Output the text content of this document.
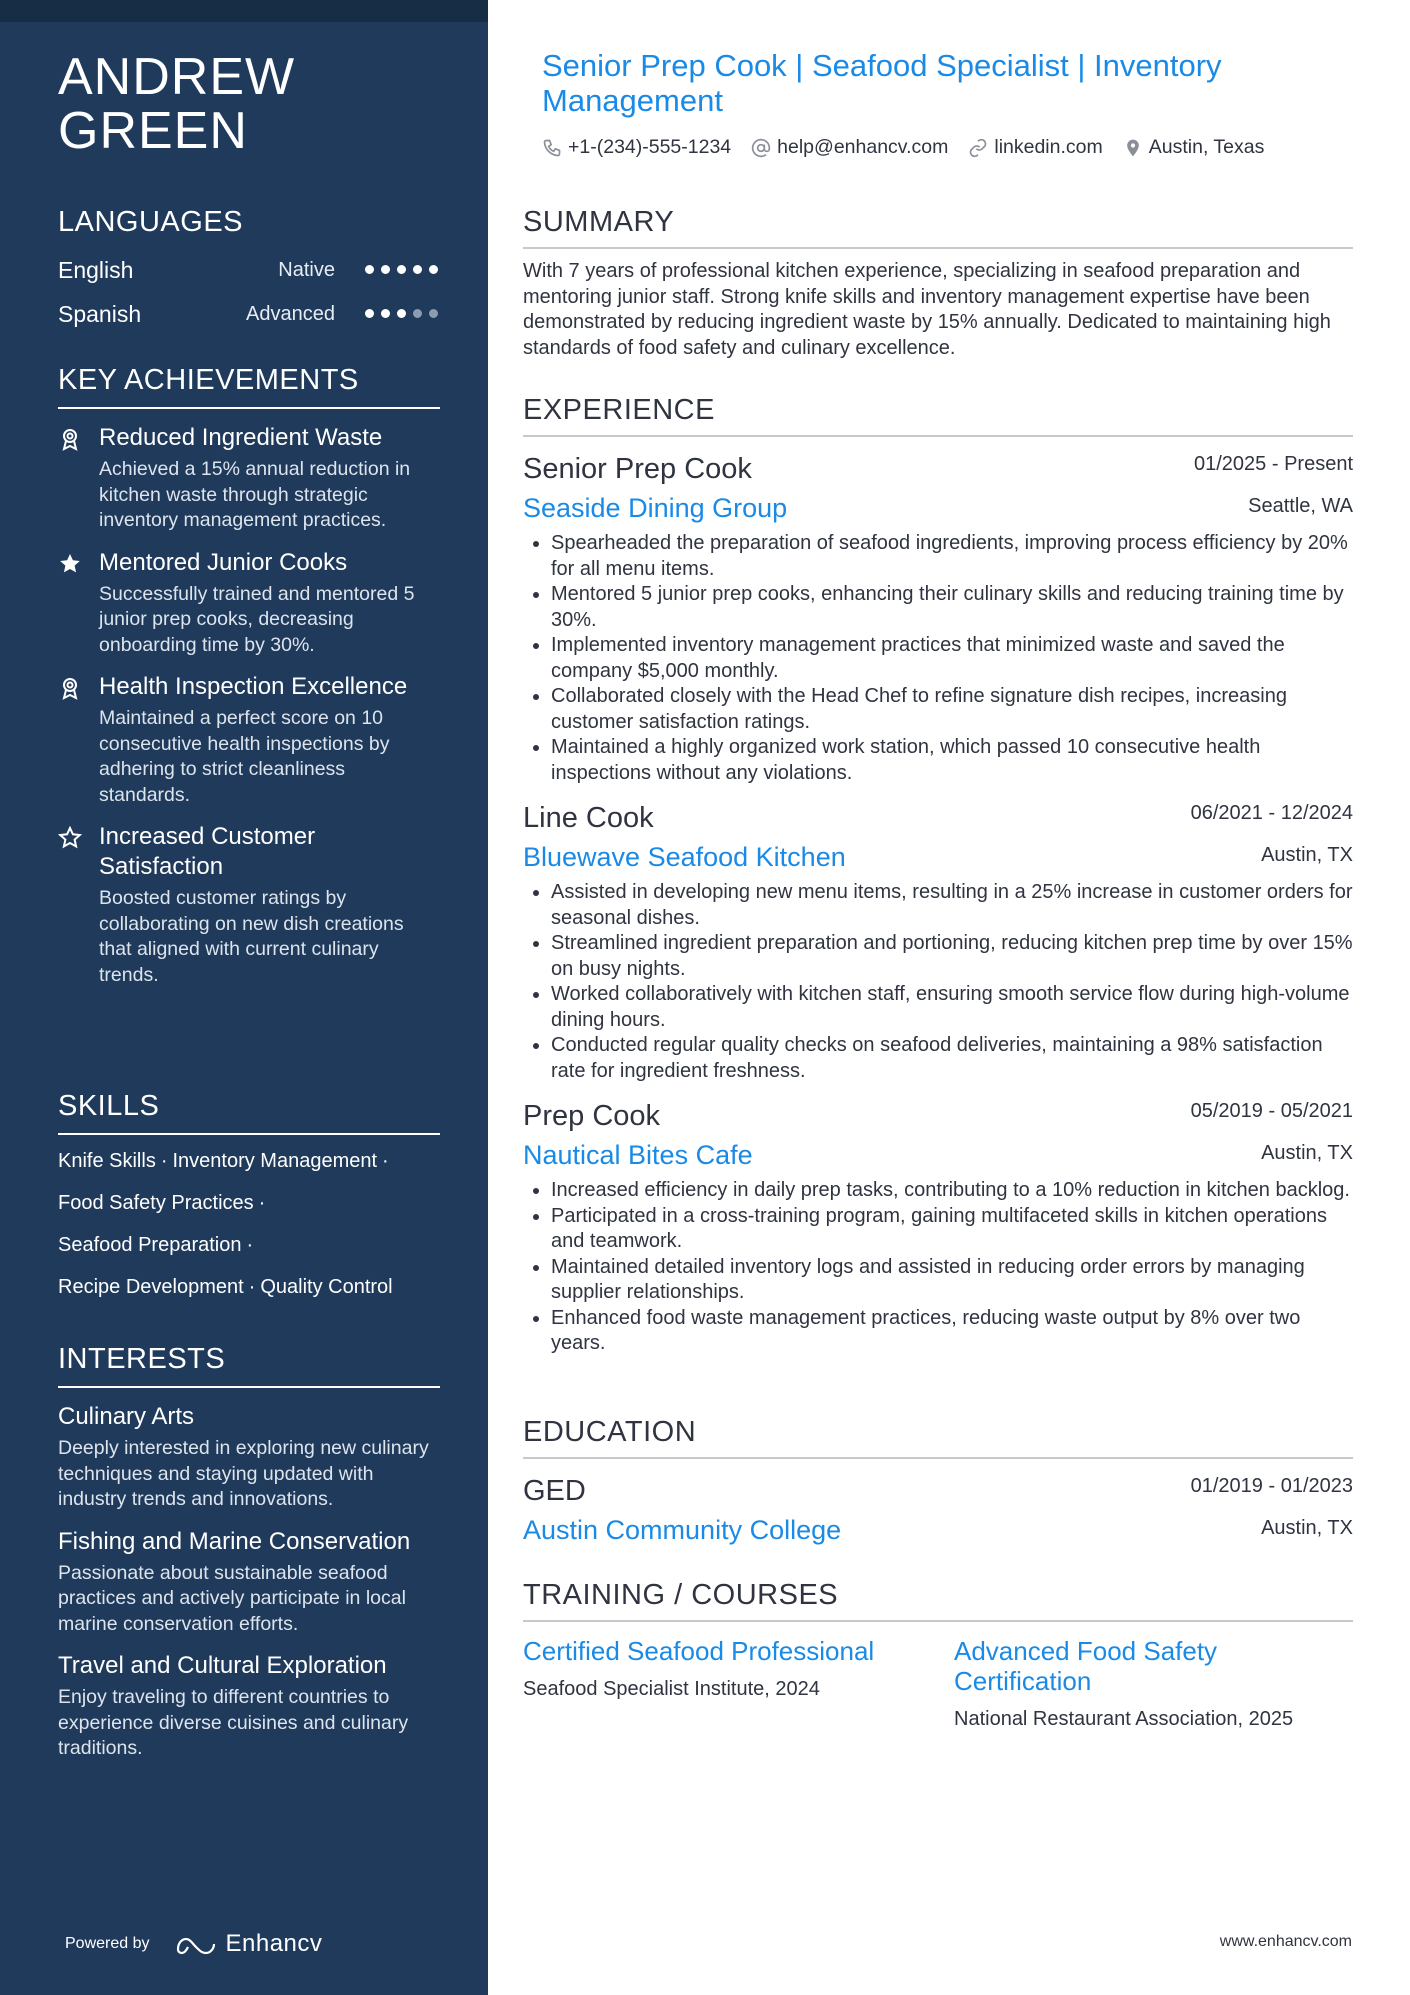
ANDREW GREEN
LANGUAGES
English	Native
Spanish	Advanced
KEY ACHIEVEMENTS
Reduced Ingredient Waste
Achieved a 15% annual reduction in kitchen waste through strategic inventory management practices.
Mentored Junior Cooks
Successfully trained and mentored 5 junior prep cooks, decreasing onboarding time by 30%.
Health Inspection Excellence
Maintained a perfect score on 10 consecutive health inspections by adhering to strict cleanliness standards.
Increased Customer Satisfaction
Boosted customer ratings by collaborating on new dish creations that aligned with current culinary trends.
SKILLS
Knife Skills · Inventory Management ·
Food Safety Practices ·
Seafood Preparation ·
Recipe Development · Quality Control
INTERESTS
Culinary Arts
Deeply interested in exploring new culinary techniques and staying updated with industry trends and innovations.
Fishing and Marine Conservation
Passionate about sustainable seafood practices and actively participate in local marine conservation efforts.
Travel and Cultural Exploration
Enjoy traveling to different countries to experience diverse cuisines and culinary traditions.
Powered by	Enhancv
Senior Prep Cook | Seafood Specialist | Inventory Management
+1-(234)-555-1234 help@enhancv.com linkedin.com Austin, Texas
SUMMARY

With 7 years of professional kitchen experience, specializing in seafood preparation and mentoring junior staff. Strong knife skills and inventory management expertise have been demonstrated by reducing ingredient waste by 15% annually. Dedicated to maintaining high standards of food safety and culinary excellence.

EXPERIENCE
Senior Prep Cook	01/2025 - Present
Seaside Dining Group	Seattle, WA
Spearheaded the preparation of seafood ingredients, improving process efficiency by 20% for all menu items.
Mentored 5 junior prep cooks, enhancing their culinary skills and reducing training time by 30%.
Implemented inventory management practices that minimized waste and saved the company $5,000 monthly.
Collaborated closely with the Head Chef to refine signature dish recipes, increasing customer satisfaction ratings.
Maintained a highly organized work station, which passed 10 consecutive health inspections without any violations.
Line Cook	06/2021 - 12/2024
Bluewave Seafood Kitchen	Austin, TX
Assisted in developing new menu items, resulting in a 25% increase in customer orders for seasonal dishes.
Streamlined ingredient preparation and portioning, reducing kitchen prep time by over 15% on busy nights.
Worked collaboratively with kitchen staff, ensuring smooth service flow during high-volume dining hours.
Conducted regular quality checks on seafood deliveries, maintaining a 98% satisfaction rate for ingredient freshness.
Prep Cook	05/2019 - 05/2021
Nautical Bites Cafe	Austin, TX
Increased efficiency in daily prep tasks, contributing to a 10% reduction in kitchen backlog.
Participated in a cross-training program, gaining multifaceted skills in kitchen operations and teamwork.
Maintained detailed inventory logs and assisted in reducing order errors by managing supplier relationships.
Enhanced food waste management practices, reducing waste output by 8% over two years.
EDUCATION
GED	01/2019 - 01/2023
Austin Community College	Austin, TX
TRAINING / COURSES
Certified Seafood Professional
Seafood Specialist Institute, 2024
Advanced Food Safety Certification
National Restaurant Association, 2025
www.enhancv.com
